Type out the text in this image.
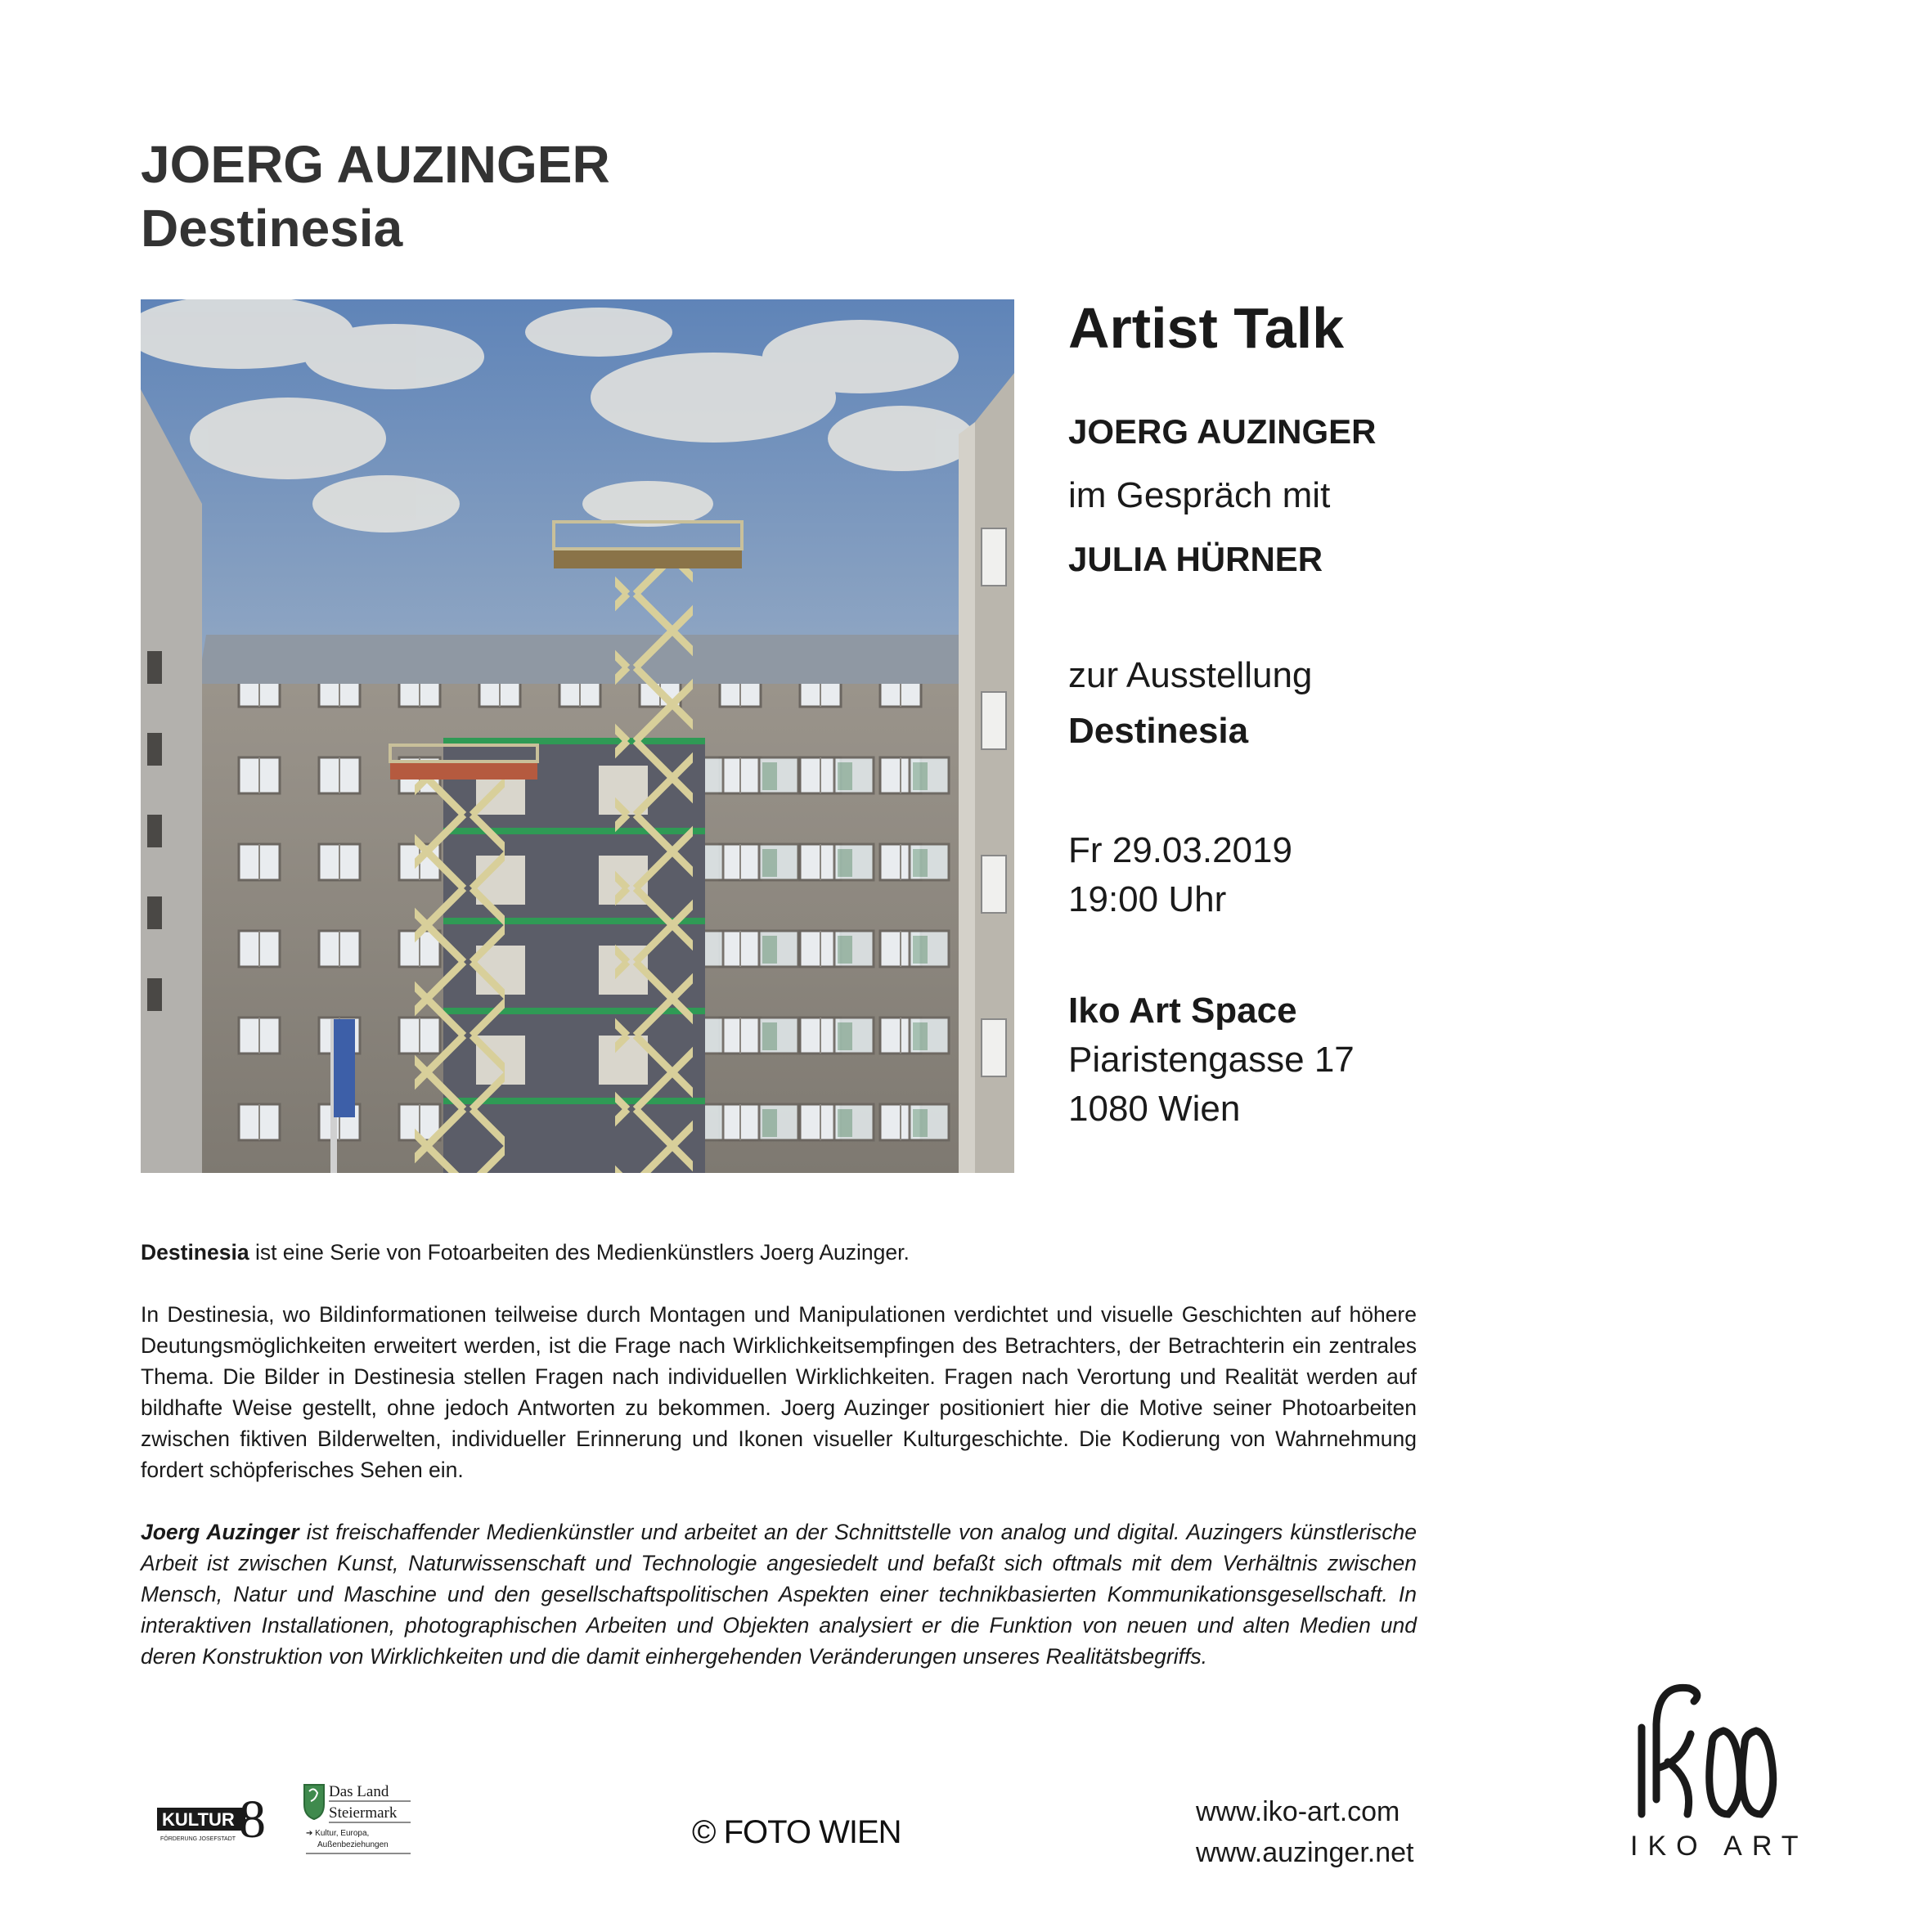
JOERG AUZINGER
Destinesia
Artist Talk
JOERG AUZINGER
im Gespräch mit
JULIA HÜRNER
zur Ausstellung
Destinesia
Fr 29.03.2019
19:00 Uhr
Iko Art Space
Piaristengasse 17
1080 Wien
Destinesia ist eine Serie von Fotoarbeiten des Medienkünstlers Joerg Auzinger.
In Destinesia, wo Bildinformationen teilweise durch Montagen und Manipulationen verdichtet und visuelle Geschichten auf höhere Deutungsmöglichkeiten erweitert werden, ist die Frage nach Wirklichkeitsempfingen des Betrachters, der Betrachterin ein zentrales Thema. Die Bilder in Destinesia stellen Fragen nach individuellen Wirklichkeiten. Fragen nach Verortung und Realität werden auf bildhafte Weise gestellt, ohne jedoch Antworten zu bekommen. Joerg Auzinger positioniert hier die Motive seiner Photoarbeiten zwischen fiktiven Bilderwelten, individueller Erinnerung und Ikonen visueller Kulturgeschichte. Die Kodierung von Wahrnehmung fordert schöpferisches Sehen ein.
Joerg Auzinger ist freischaffender Medienkünstler und arbeitet an der Schnittstelle von analog und digital. Auzingers künstlerische Arbeit ist zwischen Kunst, Naturwissenschaft und Technologie angesiedelt und befaßt sich oftmals mit dem Verhältnis zwischen Mensch, Natur und Maschine und den gesellschaftspolitischen Aspekten einer technikbasierten Kommunikationsgesellschaft. In interaktiven Installationen, photographischen Arbeiten und Objekten analysiert er die Funktion von neuen und alten Medien und deren Konstruktion von Wirklichkeiten und die damit einhergehenden Veränderungen unseres Realitätsbegriffs.
KULTUR 8
FÖRDERUNG JOSEFSTADT
Das Land
Steiermark
➔ Kultur, Europa,
Außenbeziehungen	© FOTO WIEN
www.iko-art.com
www.auzinger.net	IKO ART
